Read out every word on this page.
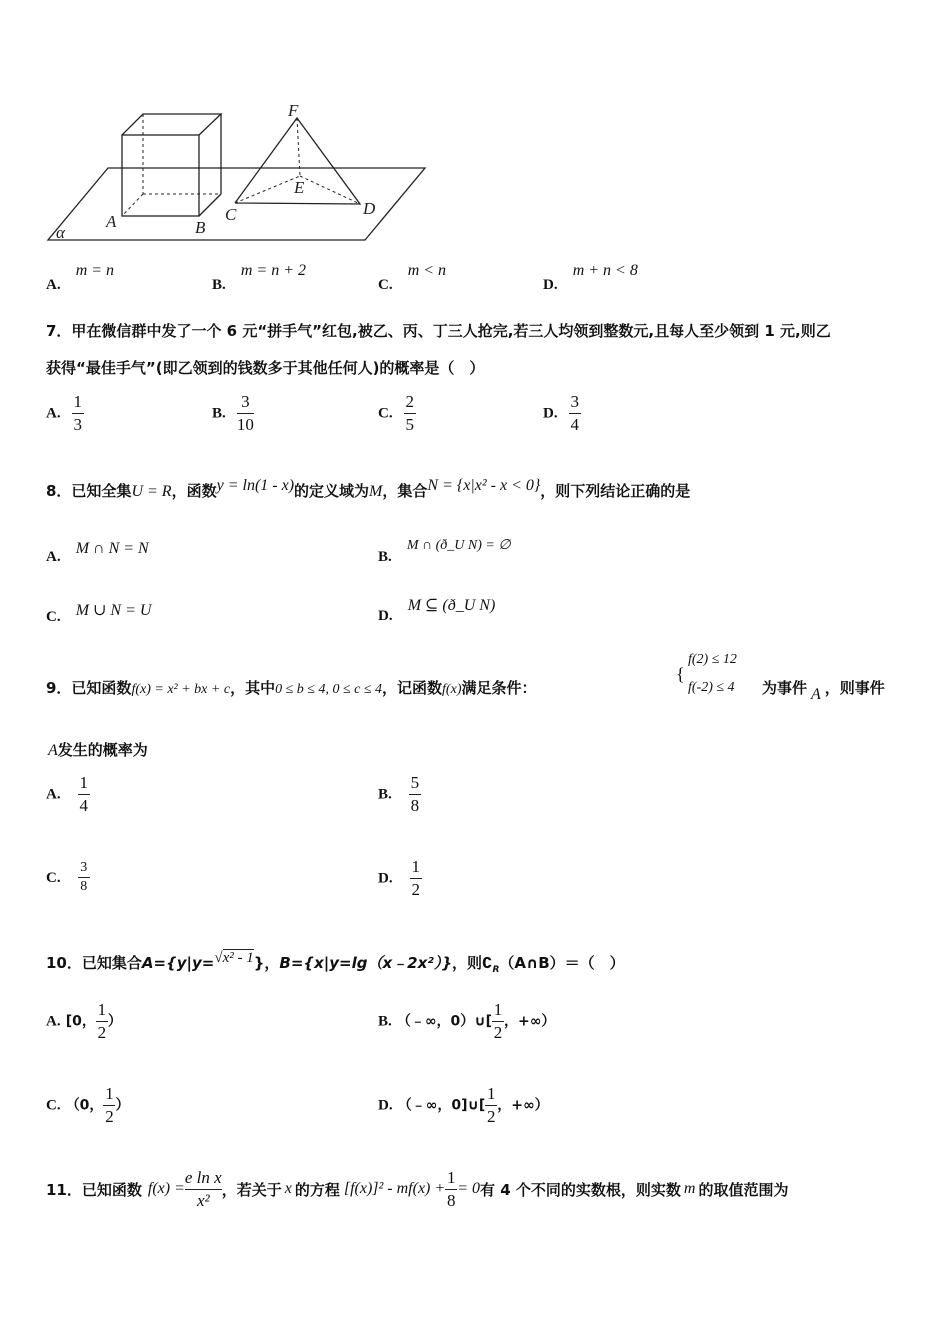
F
E
A	B
C	D
α
A. m = n
B. m = n + 2
C. m < n
D. m + n < 8
7．甲在微信群中发了一个 6 元“拼手气”红包,被乙、丙、丁三人抢完,若三人均领到整数元,且每人至少领到 1 元,则乙
获得“最佳手气”(即乙领到的钱数多于其他任何人)的概率是（　）
A. $\frac{1}{3}$	B. $\frac{3}{10}$	C. $\frac{2}{5}$	D. $\frac{3}{4}$
8．已知全集U = R，函数y = ln(1 - x)的定义域为M，集合N = {x|x² - x < 0}，则下列结论正确的是
A. M ∩ N = N	B. M ∩ (ð_U N) = ∅
C. M ∪ N = U	D. M ⊆ (ð_U N)
9．已知函数f(x) = x² + bx + c，其中0 ≤ b ≤ 4, 0 ≤ c ≤ 4，记函数f(x)满足条件：
{
f(2) ≤ 12
f(-2) ≤ 4 为事件 A ，则事件
A发生的概率为
A. $\frac{1}{4}$	B. $\frac{5}{8}$
C. $\frac{3}{8}$	D. $\frac{1}{2}$
10．已知集合A={y|y=√x² - 1}，B={x|y=lg（x﹣2x²）}，则$∁_R(A\cap B)=$（　）
A. [0， $\frac{1}{2}$ ）	B. （﹣∞，0）∪[ $\frac{1}{2}$ ，+∞）
C. （0， $\frac{1}{2}$ ）	D. （﹣∞，0]∪[ $\frac{1}{2}$ ，+∞）
11．已知函数 $f(x) = \frac{\text{e ln x}}{\text{x²}}$ ，若关于 x 的方程 $[f(x)]^2 - mf(x) + \frac{1}{8} = 0$ 有 4 个不同的实数根，则实数 m 的取值范围为
